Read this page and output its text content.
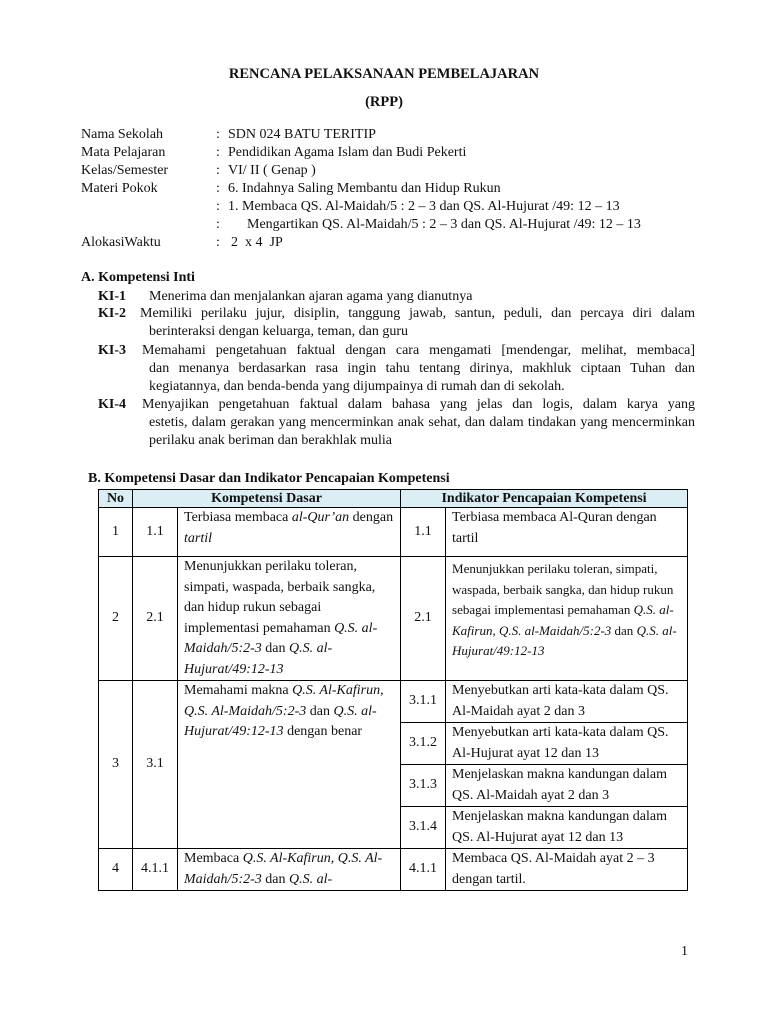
RENCANA PELAKSANAAN PEMBELAJARAN
(RPP)
Nama Sekolah	: SDN 024 BATU TERITIP
Mata Pelajaran	: Pendidikan Agama Islam dan Budi Pekerti
Kelas/Semester	: VI/ II ( Genap )
Materi Pokok	: 6. Indahnya Saling Membantu dan Hidup Rukun
: 1. Membaca QS. Al-Maidah/5 : 2 – 3 dan QS. Al-Hujurat /49: 12 – 13
: Mengartikan QS. Al-Maidah/5 : 2 – 3 dan QS. Al-Hujurat /49: 12 – 13
AlokasiWaktu	: 2  x 4  JP
A. Kompetensi Inti
KI-1	Menerima dan menjalankan ajaran agama yang dianutnya
KI-2	Memiliki perilaku jujur, disiplin, tanggung jawab, santun, peduli, dan percaya diri dalam
berinteraksi dengan keluarga, teman, dan guru
KI-3	Memahami pengetahuan faktual dengan cara mengamati [mendengar, melihat, membaca]
dan menanya berdasarkan rasa ingin tahu tentang dirinya, makhluk ciptaan Tuhan dan kegiatannya, dan benda-benda yang dijumpainya di rumah dan di sekolah.
KI-4	Menyajikan pengetahuan faktual dalam bahasa yang jelas dan logis, dalam karya yang
estetis, dalam gerakan yang mencerminkan anak sehat, dan dalam tindakan yang mencerminkan perilaku anak beriman dan berakhlak mulia
B. Kompetensi Dasar dan Indikator Pencapaian Kompetensi
No	Kompetensi Dasar		Indikator Pencapaian Kompetensi	
1	1.1	Terbiasa membaca al-Qur’an dengan tartil	1.1	Terbiasa membaca Al-Quran dengan tartil
2	2.1	Menunjukkan perilaku toleran, simpati, waspada, berbaik sangka, dan hidup rukun sebagai implementasi pemahaman Q.S. al- Maidah/5:2-3 dan Q.S. al-Hujurat/49:12-13	2.1	Menunjukkan perilaku toleran, simpati, waspada, berbaik sangka, dan hidup rukun sebagai implementasi pemahaman Q.S. al-Kafirun, Q.S. al-Maidah/5:2-3 dan Q.S. al- Hujurat/49:12-13
3	3.1	Memahami makna Q.S. Al-Kafirun, Q.S. Al-Maidah/5:2-3 dan Q.S. al- Hujurat/49:12-13 dengan benar	3.1.1	Menyebutkan arti kata-kata dalam QS. Al-Maidah ayat 2 dan 3
			3.1.2	Menyebutkan arti kata-kata dalam QS. Al-Hujurat ayat 12 dan 13
			3.1.3	Menjelaskan makna kandungan dalam QS. Al-Maidah ayat 2 dan 3
			3.1.4	Menjelaskan makna kandungan dalam QS. Al-Hujurat ayat 12 dan 13
4	4.1.1	Membaca Q.S. Al-Kafirun, Q.S. Al-Maidah/5:2-3 dan Q.S. al-	4.1.1	Membaca QS. Al-Maidah ayat 2 – 3 dengan tartil.
1
